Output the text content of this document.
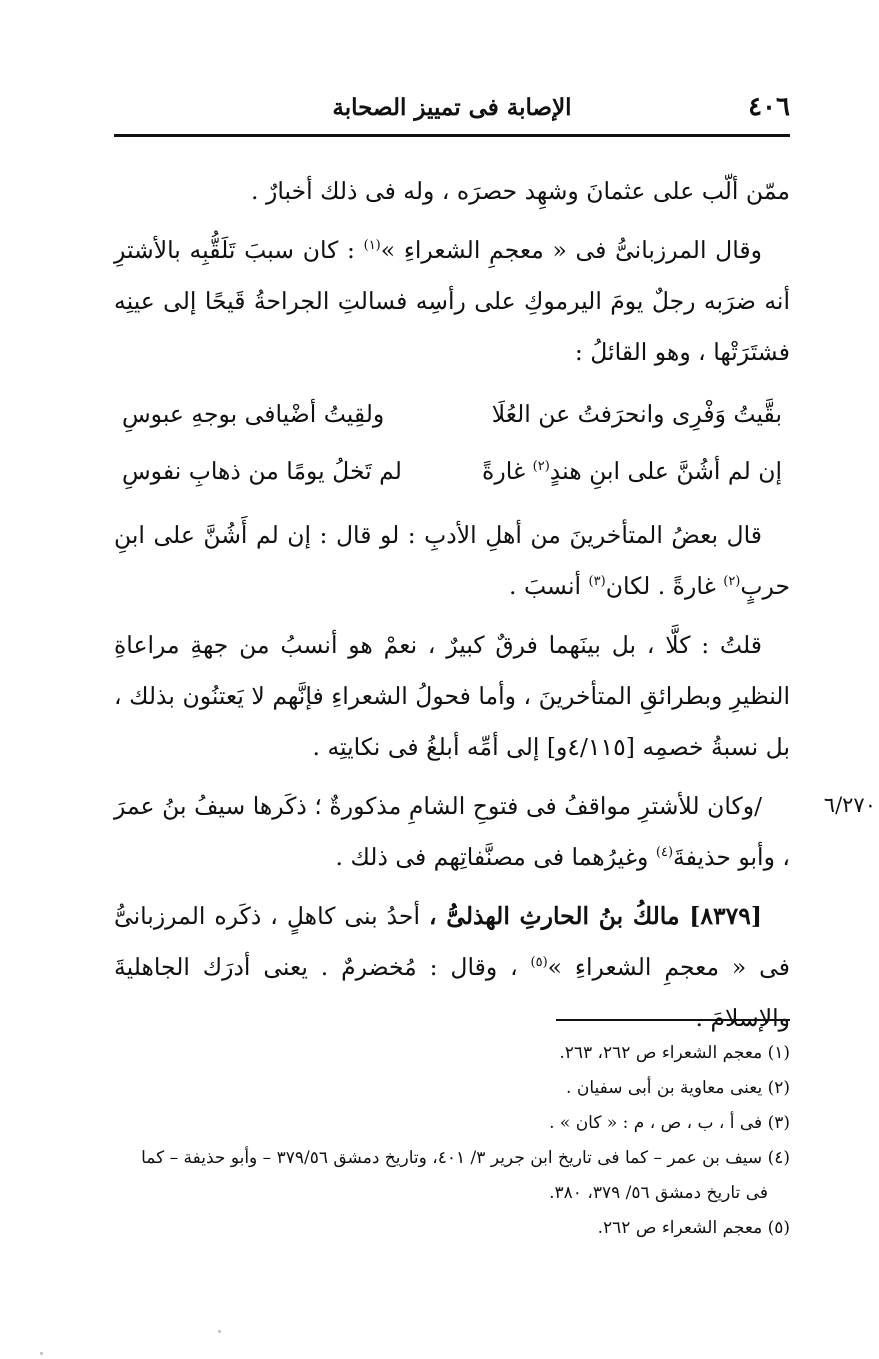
٤٠٦
الإصابة فى تمييز الصحابة

ممّن ألّب على عثمانَ وشهِد حصرَه ، وله فى ذلك أخبارٌ .

وقال المرزبانىُّ فى « معجمِ الشعراءِ »$^{(١)}$ : كان سببَ تَلَقُّبِه بالأشترِ أنه ضرَبه رجلٌ يومَ اليرموكِ على رأسِه فسالتِ الجراحةُ قَيحًا إلى عينِه فشتَرَتْها ، وهو القائلُ :

بقَّيتُ وَفْرِى وانحرَفتُ عن العُلَا
ولقِيتُ أضْيافى بوجهِ عبوسِ
إن لم أشُنَّ على ابنِ هندٍ$^{(٢)}$ غارةً
لم تَخلُ يومًا من ذهابِ نفوسِ

قال بعضُ المتأخرينَ من أهلِ الأدبِ : لو قال : إن لم أَشُنَّ على ابنِ حربٍ$^{(٢)}$ غارةً . لكان$^{(٣)}$ أنسبَ .

قلتُ : كلَّا ، بل بينَهما فرقٌ كبيرٌ ، نعمْ هو أنسبُ من جهةِ مراعاةِ النظيرِ وبطرائقِ المتأخرينَ ، وأما فحولُ الشعراءِ فإنَّهم لا يَعتنُون بذلك ، بل نسبةُ خصمِه [٤/١١٥و] إلى أمِّه أبلغُ فى نكايتِه .

/وكان للأشترِ مواقفُ فى فتوحِ الشامِ مذكورةٌ ؛ ذكَرها سيفُ بنُ عمرَ ، وأبو حذيفةَ$^{(٤)}$ وغيرُهما فى مصنَّفاتِهم فى ذلك .

[٨٣٧٩] مالكُ بنُ الحارثِ الهذلىُّ ، أحدُ بنى كاهلٍ ، ذكَره المرزبانىُّ فى « معجمِ الشعراءِ »$^{(٥)}$ ، وقال : مُخضرمٌ . يعنى أدرَك الجاهليةَ والإسلامَ .

٦/٢٧٠

(١) معجم الشعراء ص ٢٦٢، ٢٦٣.

(٢) يعنى معاوية بن أبى سفيان .

(٣) فى أ ، ب ، ص ، م : « كان » .

(٤) سيف بن عمر – كما فى تاريخ ابن جرير ٣/ ٤٠١، وتاريخ دمشق ٣٧٩/٥٦ – وأبو حذيفة – كما

فى تاريخ دمشق ٥٦/ ٣٧٩، ٣٨٠.

(٥) معجم الشعراء ص ٢٦٢.
